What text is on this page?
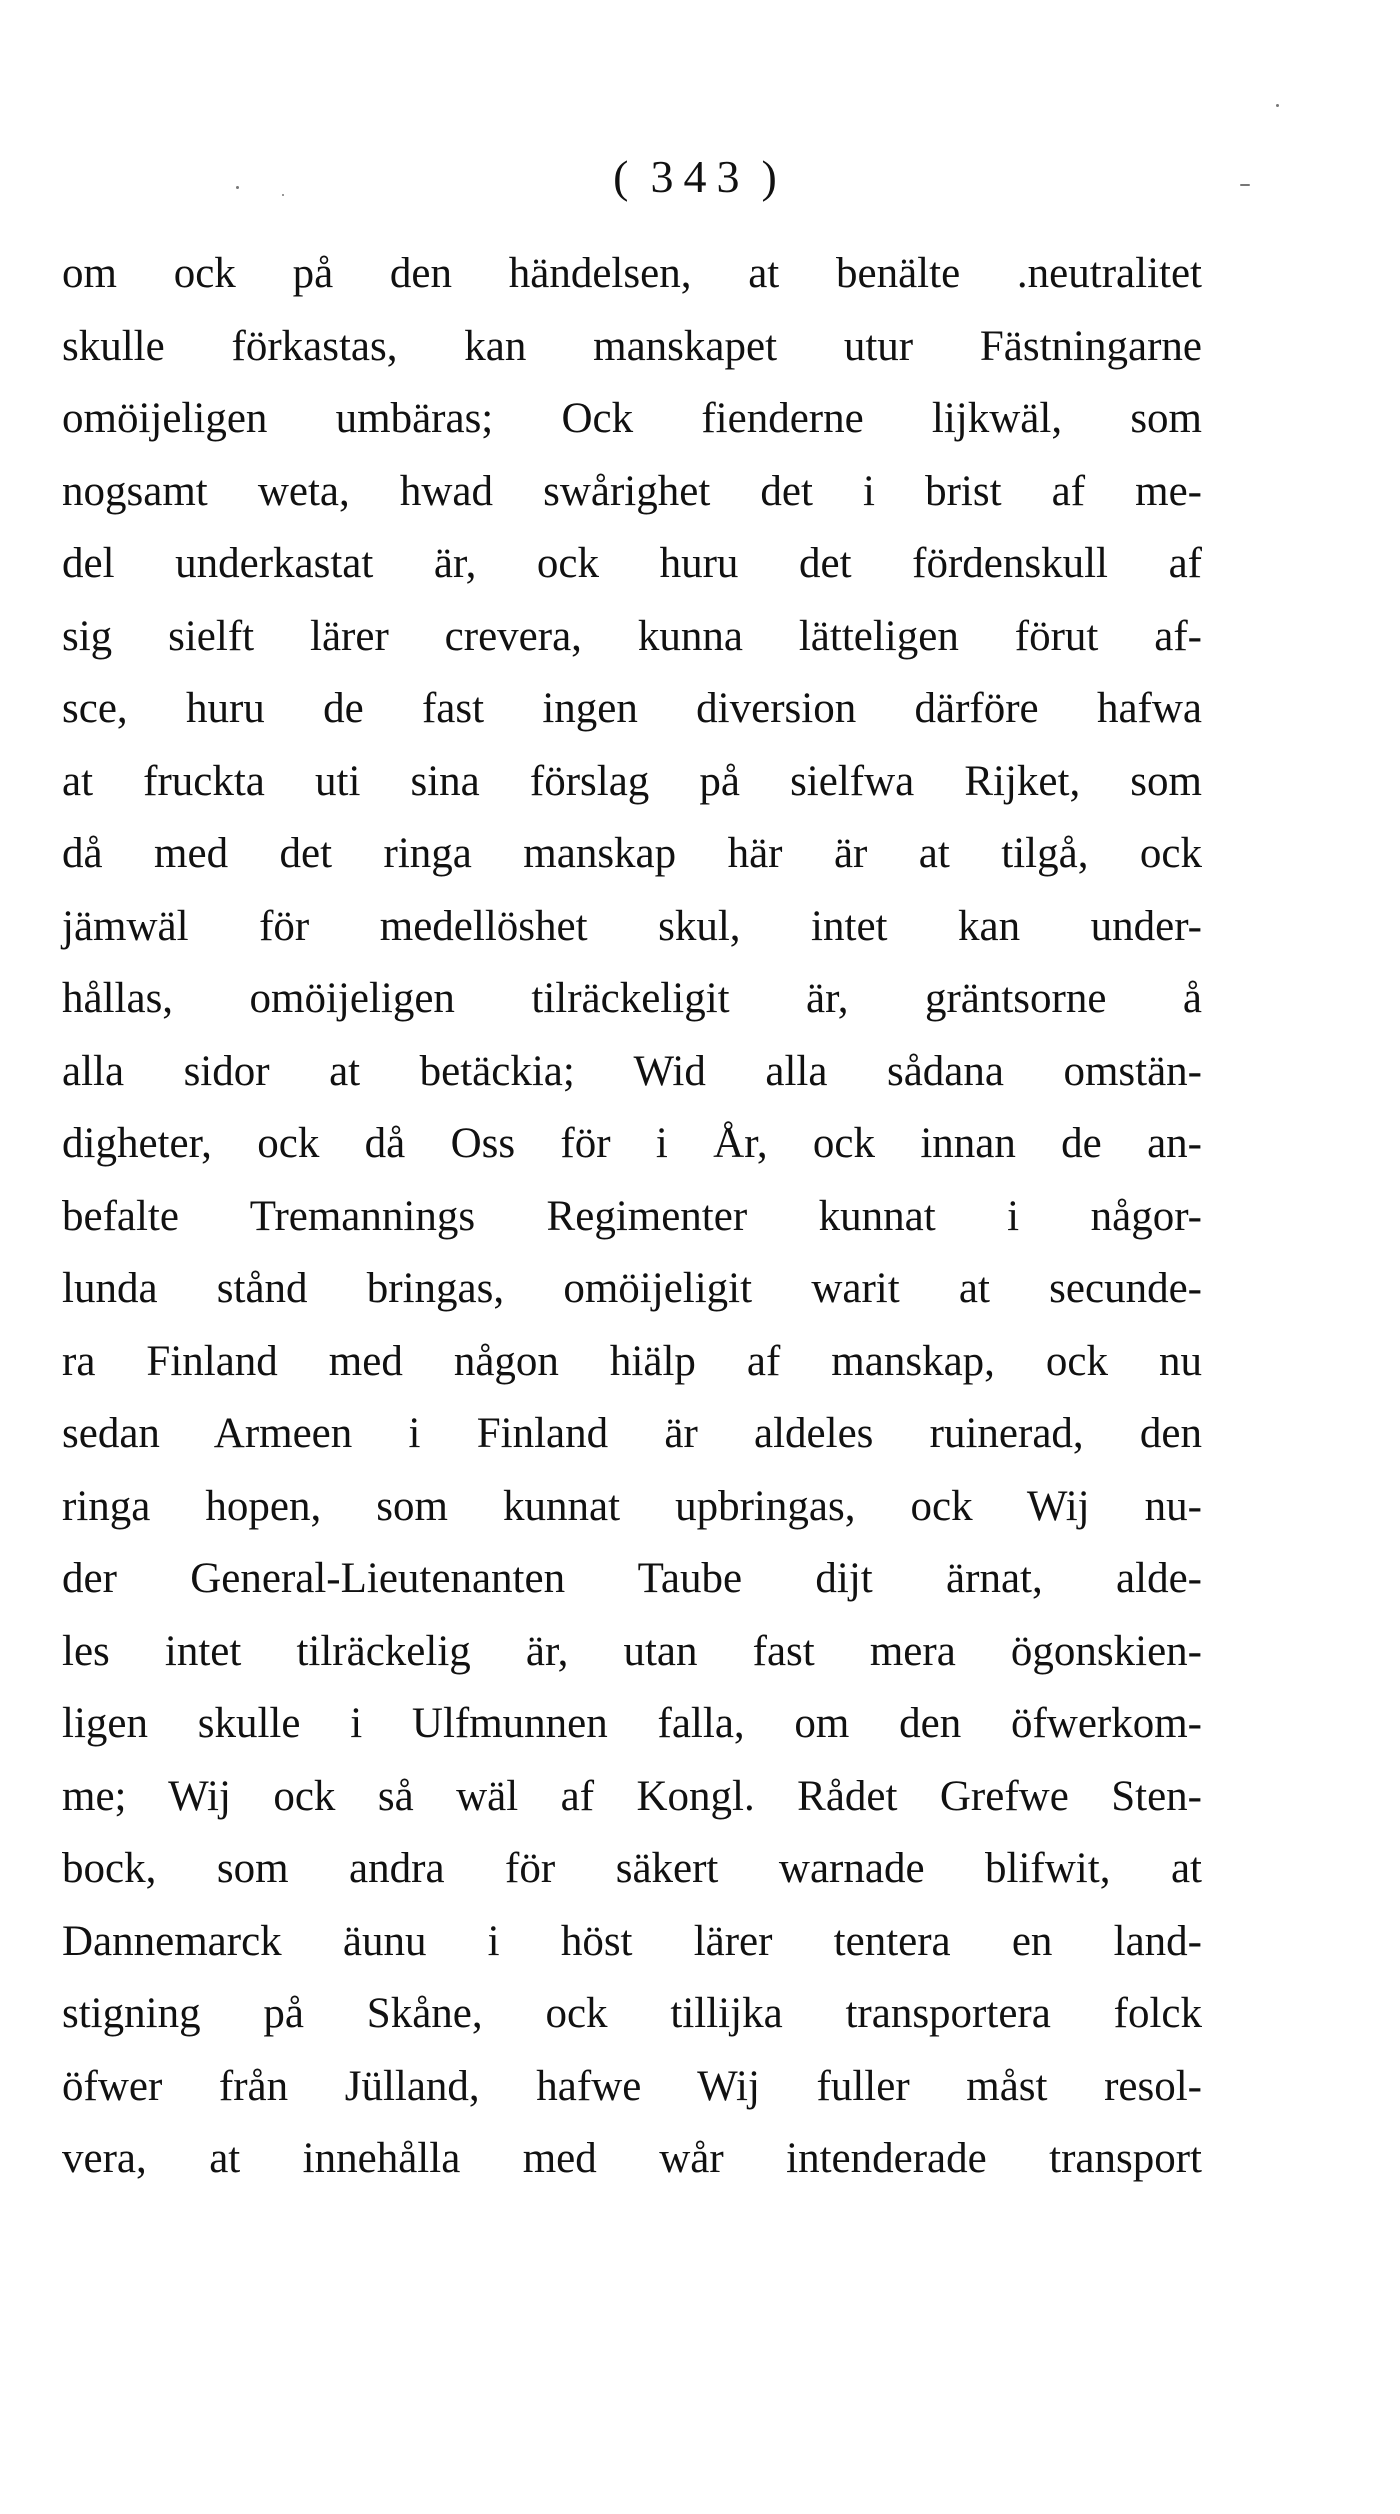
( 343 )
om ock på den händelsen, at benälte .neutralitet
skulle förkastas, kan manskapet utur Fästningarne
omöijeligen umbäras; Ock fienderne lijkwäl, som
nogsamt weta, hwad swårighet det i brist af me-
del underkastat är, ock huru det fördenskull af
sig sielft lärer crevera, kunna lätteligen förut af-
sce, huru de fast ingen diversion därföre hafwa
at fruckta uti sina förslag på sielfwa Rijket, som
då med det ringa manskap här är at tilgå, ock
jämwäl för medellöshet skul, intet kan under-
hållas, omöijeligen tilräckeligit är, gräntsorne å
alla sidor at betäckia; Wid alla sådana omstän-
digheter, ock då Oss för i År, ock innan de an-
befalte Tremannings Regimenter kunnat i någor-
lunda stånd bringas, omöijeligit warit at secunde-
ra Finland med någon hiälp af manskap, ock nu
sedan Armeen i Finland är aldeles ruinerad, den
ringa hopen, som kunnat upbringas, ock Wij nu-
der General-Lieutenanten Taube dijt ärnat, alde-
les intet tilräckelig är, utan fast mera ögonskien-
ligen skulle i Ulfmunnen falla, om den öfwerkom-
me; Wij ock så wäl af Kongl. Rådet Grefwe Sten-
bock, som andra för säkert warnade blifwit, at
Dannemarck äunu i höst lärer tentera en land-
stigning på Skåne, ock tillijka transportera folck
öfwer från Jülland, hafwe Wij fuller måst resol-
vera, at innehålla med wår intenderade transport
